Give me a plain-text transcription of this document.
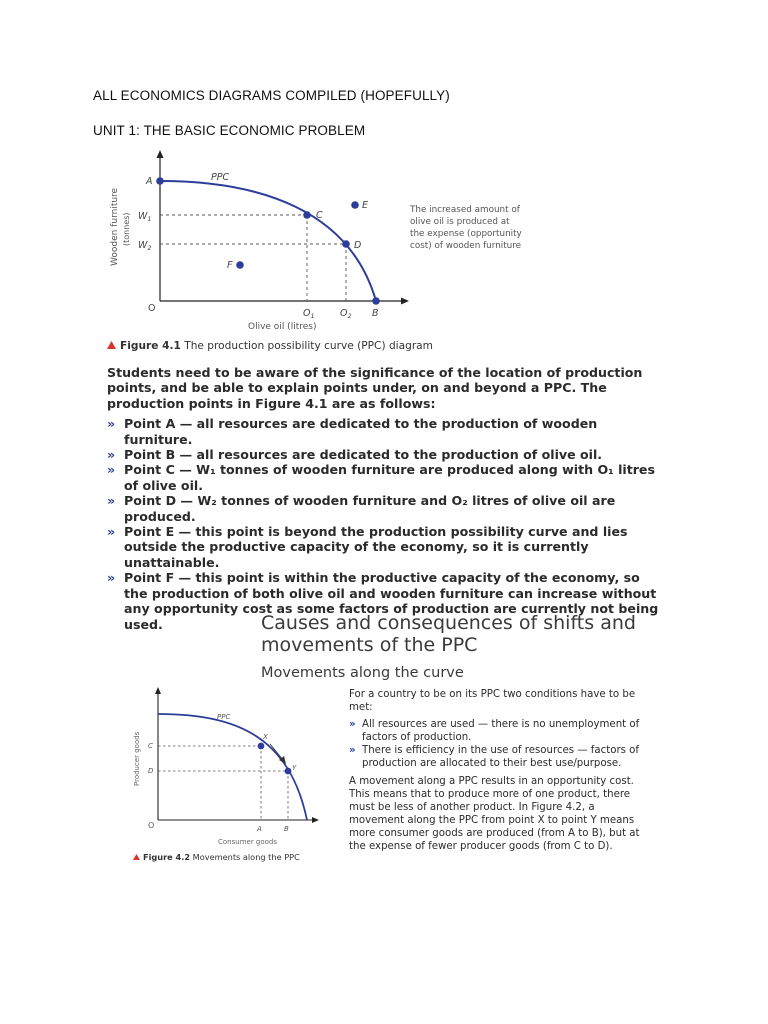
ALL ECONOMICS DIAGRAMS COMPILED (HOPEFULLY)
UNIT 1: THE BASIC ECONOMIC PROBLEM
A	PPC
C
D
E
F
$W_1$
$W_2$
$O_1$	$O_2$ B
O
Olive oil (litres)
Wooden furniture (tonnes)
The increased amount of
olive oil is produced at
the expense (opportunity
cost) of wooden furniture
Figure 4.1 The production possibility curve (PPC) diagram

Students need to be aware of the significance of the location of production points, and be able to explain points under, on and beyond a PPC. The production points in Figure 4.1 are as follows:

» Point A — all resources are dedicated to the production of wooden furniture.
» Point B — all resources are dedicated to the production of olive oil.
» Point C — W₁ tonnes of wooden furniture are produced along with O₁ litres of olive oil.
» Point D — W₂ tonnes of wooden furniture and O₂ litres of olive oil are produced.
» Point E — this point is beyond the production possibility curve and lies outside the productive capacity of the economy, so it is currently unattainable.
» Point F — this point is within the productive capacity of the economy, so the production of both olive oil and wooden furniture can increase without any opportunity cost as some factors of production are currently not being used.	Causes and consequences of shifts and movements of the PPC
Movements along the curve
PPC
X
Y
C
D
A	B
O
Consumer goods
Producer goods
Figure 4.2 Movements along the PPC

For a country to be on its PPC two conditions have to be met:

» All resources are used — there is no unemployment of factors of production.
» There is efficiency in the use of resources — factors of production are allocated to their best use/purpose.

A movement along a PPC results in an opportunity cost. This means that to produce more of one product, there must be less of another product. In Figure 4.2, a movement along the PPC from point X to point Y means more consumer goods are produced (from A to B), but at the expense of fewer producer goods (from C to D).
